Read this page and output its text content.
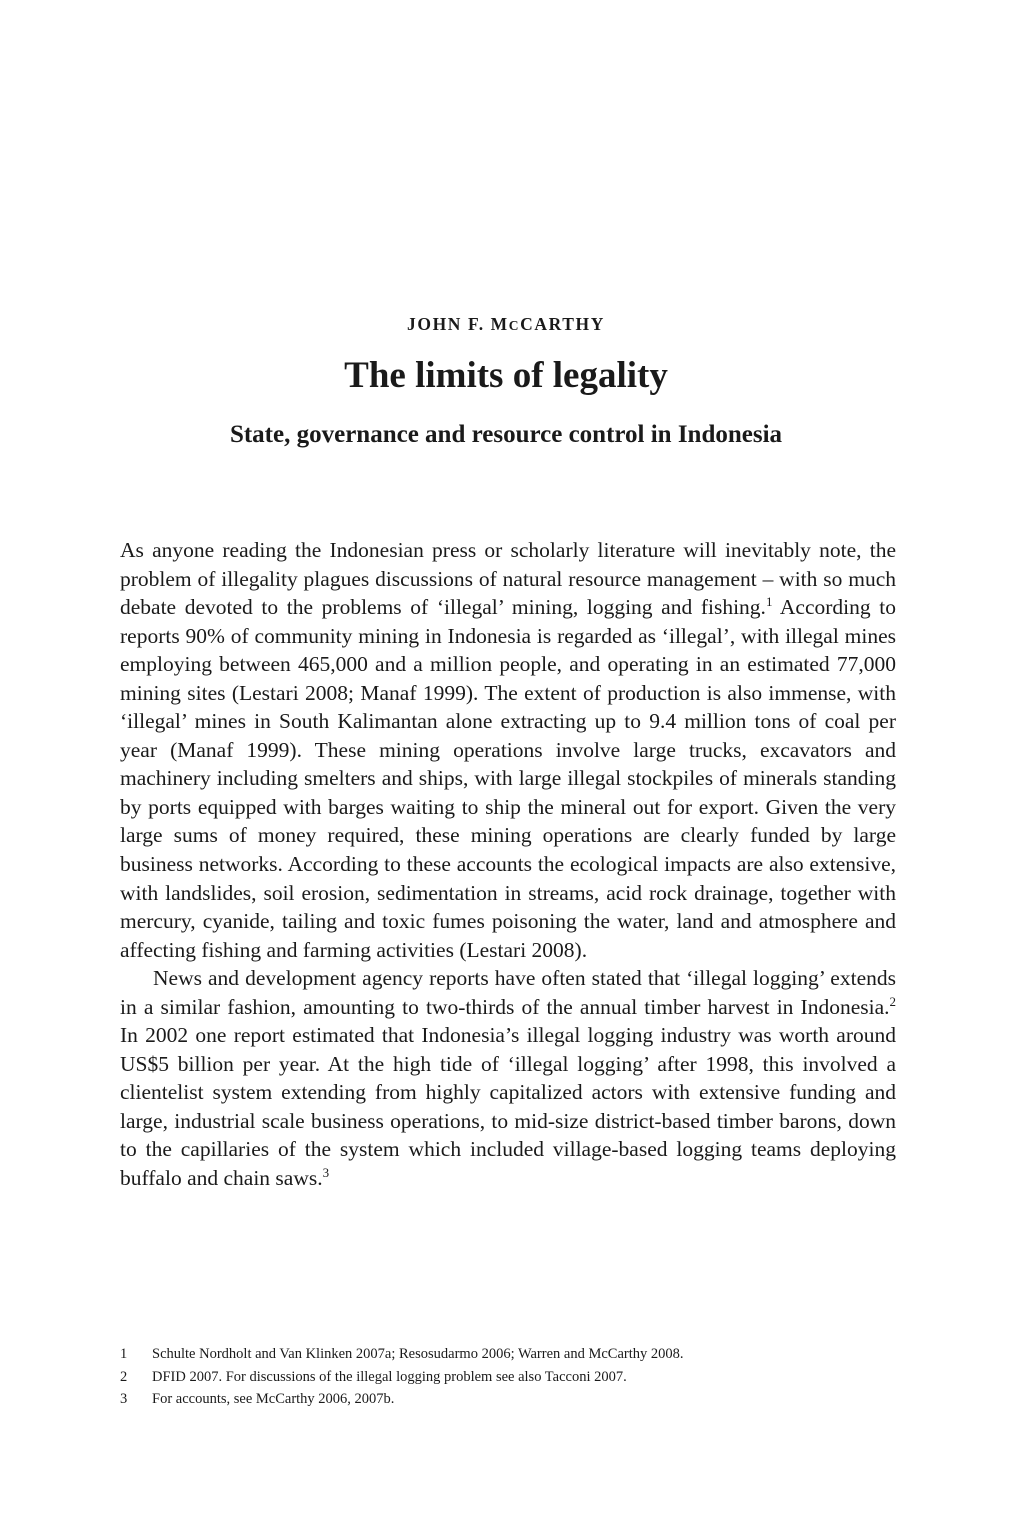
JOHN F. MCCARTHY
The limits of legality
State, governance and resource control in Indonesia

As anyone reading the Indonesian press or scholarly literature will inevitably note, the problem of illegality plagues discussions of natural resource management – with so much debate devoted to the problems of ‘illegal’ mining, logging and fishing.$^1$ According to reports 90% of community mining in Indonesia is regarded as ‘illegal’, with illegal mines employing between 465,000 and a million people, and operating in an estimated 77,000 mining sites (Lestari 2008; Manaf 1999). The extent of production is also immense, with ‘illegal’ mines in South Kalimantan alone extracting up to 9.4 million tons of coal per year (Manaf 1999). These mining operations involve large trucks, excavators and machinery including smelters and ships, with large illegal stockpiles of minerals standing by ports equipped with barges waiting to ship the mineral out for export. Given the very large sums of money required, these mining operations are clearly funded by large business networks. According to these accounts the ecological impacts are also extensive, with landslides, soil erosion, sedimentation in streams, acid rock drainage, together with mercury, cyanide, tailing and toxic fumes poisoning the water, land and atmosphere and affecting fishing and farming activities (Lestari 2008).

News and development agency reports have often stated that ‘illegal logging’ extends in a similar fashion, amounting to two-thirds of the annual timber harvest in Indonesia.$^2$ In 2002 one report estimated that Indonesia’s illegal logging industry was worth around US$5 billion per year. At the high tide of ‘illegal logging’ after 1998, this involved a clientelist system extending from highly capitalized actors with extensive funding and large, industrial scale business operations, to mid-size district-based timber barons, down to the capillaries of the system which included village-based logging teams deploying buffalo and chain saws.$^3$

1	Schulte Nordholt and Van Klinken 2007a; Resosudarmo 2006; Warren and McCarthy 2008.
2	DFID 2007. For discussions of the illegal logging problem see also Tacconi 2007.
3	For accounts, see McCarthy 2006, 2007b.
